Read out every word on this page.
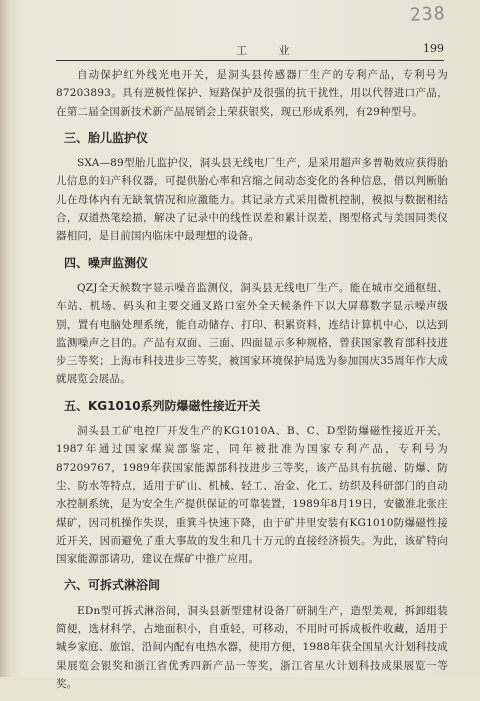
238
工 业	199

自动保护红外线光电开关，是洞头县传感器厂生产的专利产品，专利号为87203893。具有逆极性保护、短路保护及很强的抗干扰性，用以代替进口产品，在第二届全国新技术新产品展销会上荣获银奖，现已形成系列，有29种型号。

三、胎儿监护仪

SXA—89型胎儿监护仪，洞头县无线电厂生产，是采用超声多普勒效应获得胎儿信息的妇产科仪器，可提供胎心率和宫缩之间动态变化的各种信息，借以判断胎儿在母体内有无缺氧情况和应激能力。其记录方式采用微机控制，模拟与数据相结合，双道热笔绘描，解决了记录中的线性误差和累计误差，图型格式与美国同类仪器相同，是目前国内临床中最理想的设备。

四、噪声监测仪

QZJ全天候数字显示噪音监测仪，洞头县无线电厂生产。能在城市交通枢纽、车站、机场、码头和主要交通叉路口室外全天候条件下以大屏幕数字显示噪声级别，置有电脑处理系统，能自动储存、打印、积累资料，连结计算机中心，以达到监测噪声之目的。产品有双面、三面、四面显示多种规格，曾获国家教育部科技进步三等奖；上海市科技进步三等奖，被国家环境保护局选为参加国庆35周年作大成就展览会展品。

五、KG1010系列防爆磁性接近开关

洞头县工矿电控厂开发生产的KG1010A、B、C、D型防爆磁性接近开关，1987年通过国家煤炭部鉴定，同年被批准为国家专利产品，专利号为87209767，1989年获国家能源部科技进步三等奖，该产品具有抗磁、防爆、防尘、防水等特点，适用于矿山、机械、轻工、冶金、化工、纺织及科研部门的自动水控制系统，是为安全生产提供保证的可靠装置，1989年8月19日，安徽淮北张庄煤矿，因司机操作失误，重箕斗快速下降，由于矿井里安装有KG1010防爆磁性接近开关，因而避免了重大事故的发生和几十万元的直接经济损失。为此，该矿特向国家能源部请功，建议在煤矿中推广应用。

六、可拆式淋浴间

EDn型可拆式淋浴间，洞头县新型建材设备厂研制生产，造型美观，拆卸组装简便，选材科学，占地面积小，自重轻，可移动，不用时可拆成板件收藏，适用于城乡家庭、旅馆，沿间内配有电热水器，使用方便，1988年获全国星火计划科技成果展览会银奖和浙江省优秀四新产品一等奖，浙江省星火计划科技成果展览一等奖。
